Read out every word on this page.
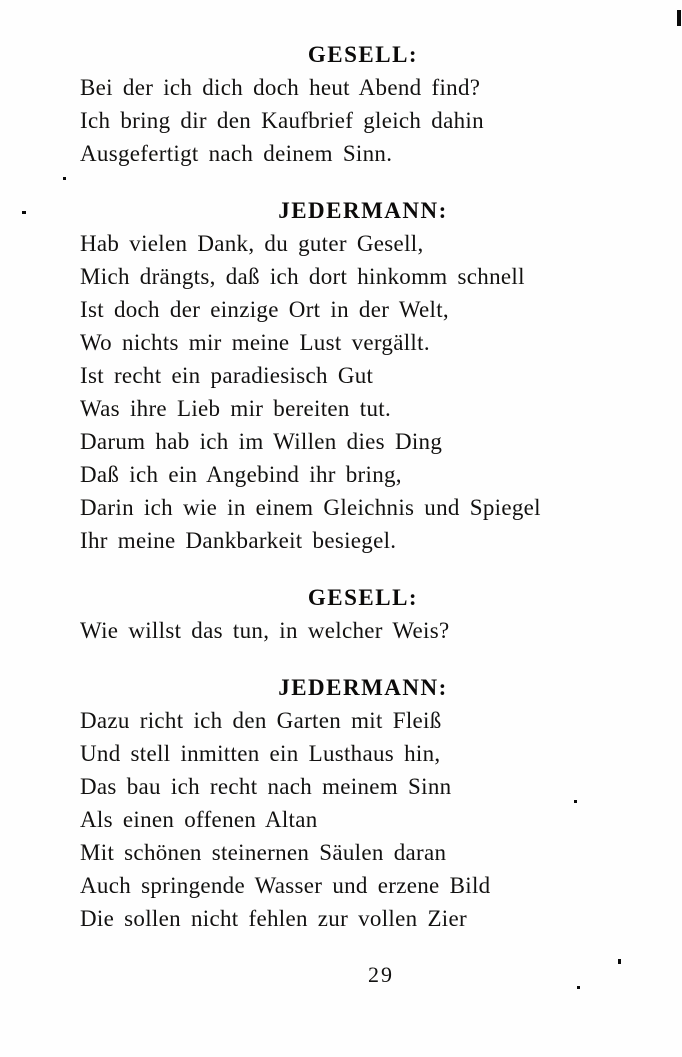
GESELL:

Bei der ich dich doch heut Abend find?

Ich bring dir den Kaufbrief gleich dahin

Ausgefertigt nach deinem Sinn.

JEDERMANN:

Hab vielen Dank, du guter Gesell,

Mich drängts, daß ich dort hinkomm schnell

Ist doch der einzige Ort in der Welt,

Wo nichts mir meine Lust vergällt.

Ist recht ein paradiesisch Gut

Was ihre Lieb mir bereiten tut.

Darum hab ich im Willen dies Ding

Daß ich ein Angebind ihr bring,

Darin ich wie in einem Gleichnis und Spiegel

Ihr meine Dankbarkeit besiegel.

GESELL:

Wie willst das tun, in welcher Weis?

JEDERMANN:

Dazu richt ich den Garten mit Fleiß

Und stell inmitten ein Lusthaus hin,

Das bau ich recht nach meinem Sinn

Als einen offenen Altan

Mit schönen steinernen Säulen daran

Auch springende Wasser und erzene Bild

Die sollen nicht fehlen zur vollen Zier

29
